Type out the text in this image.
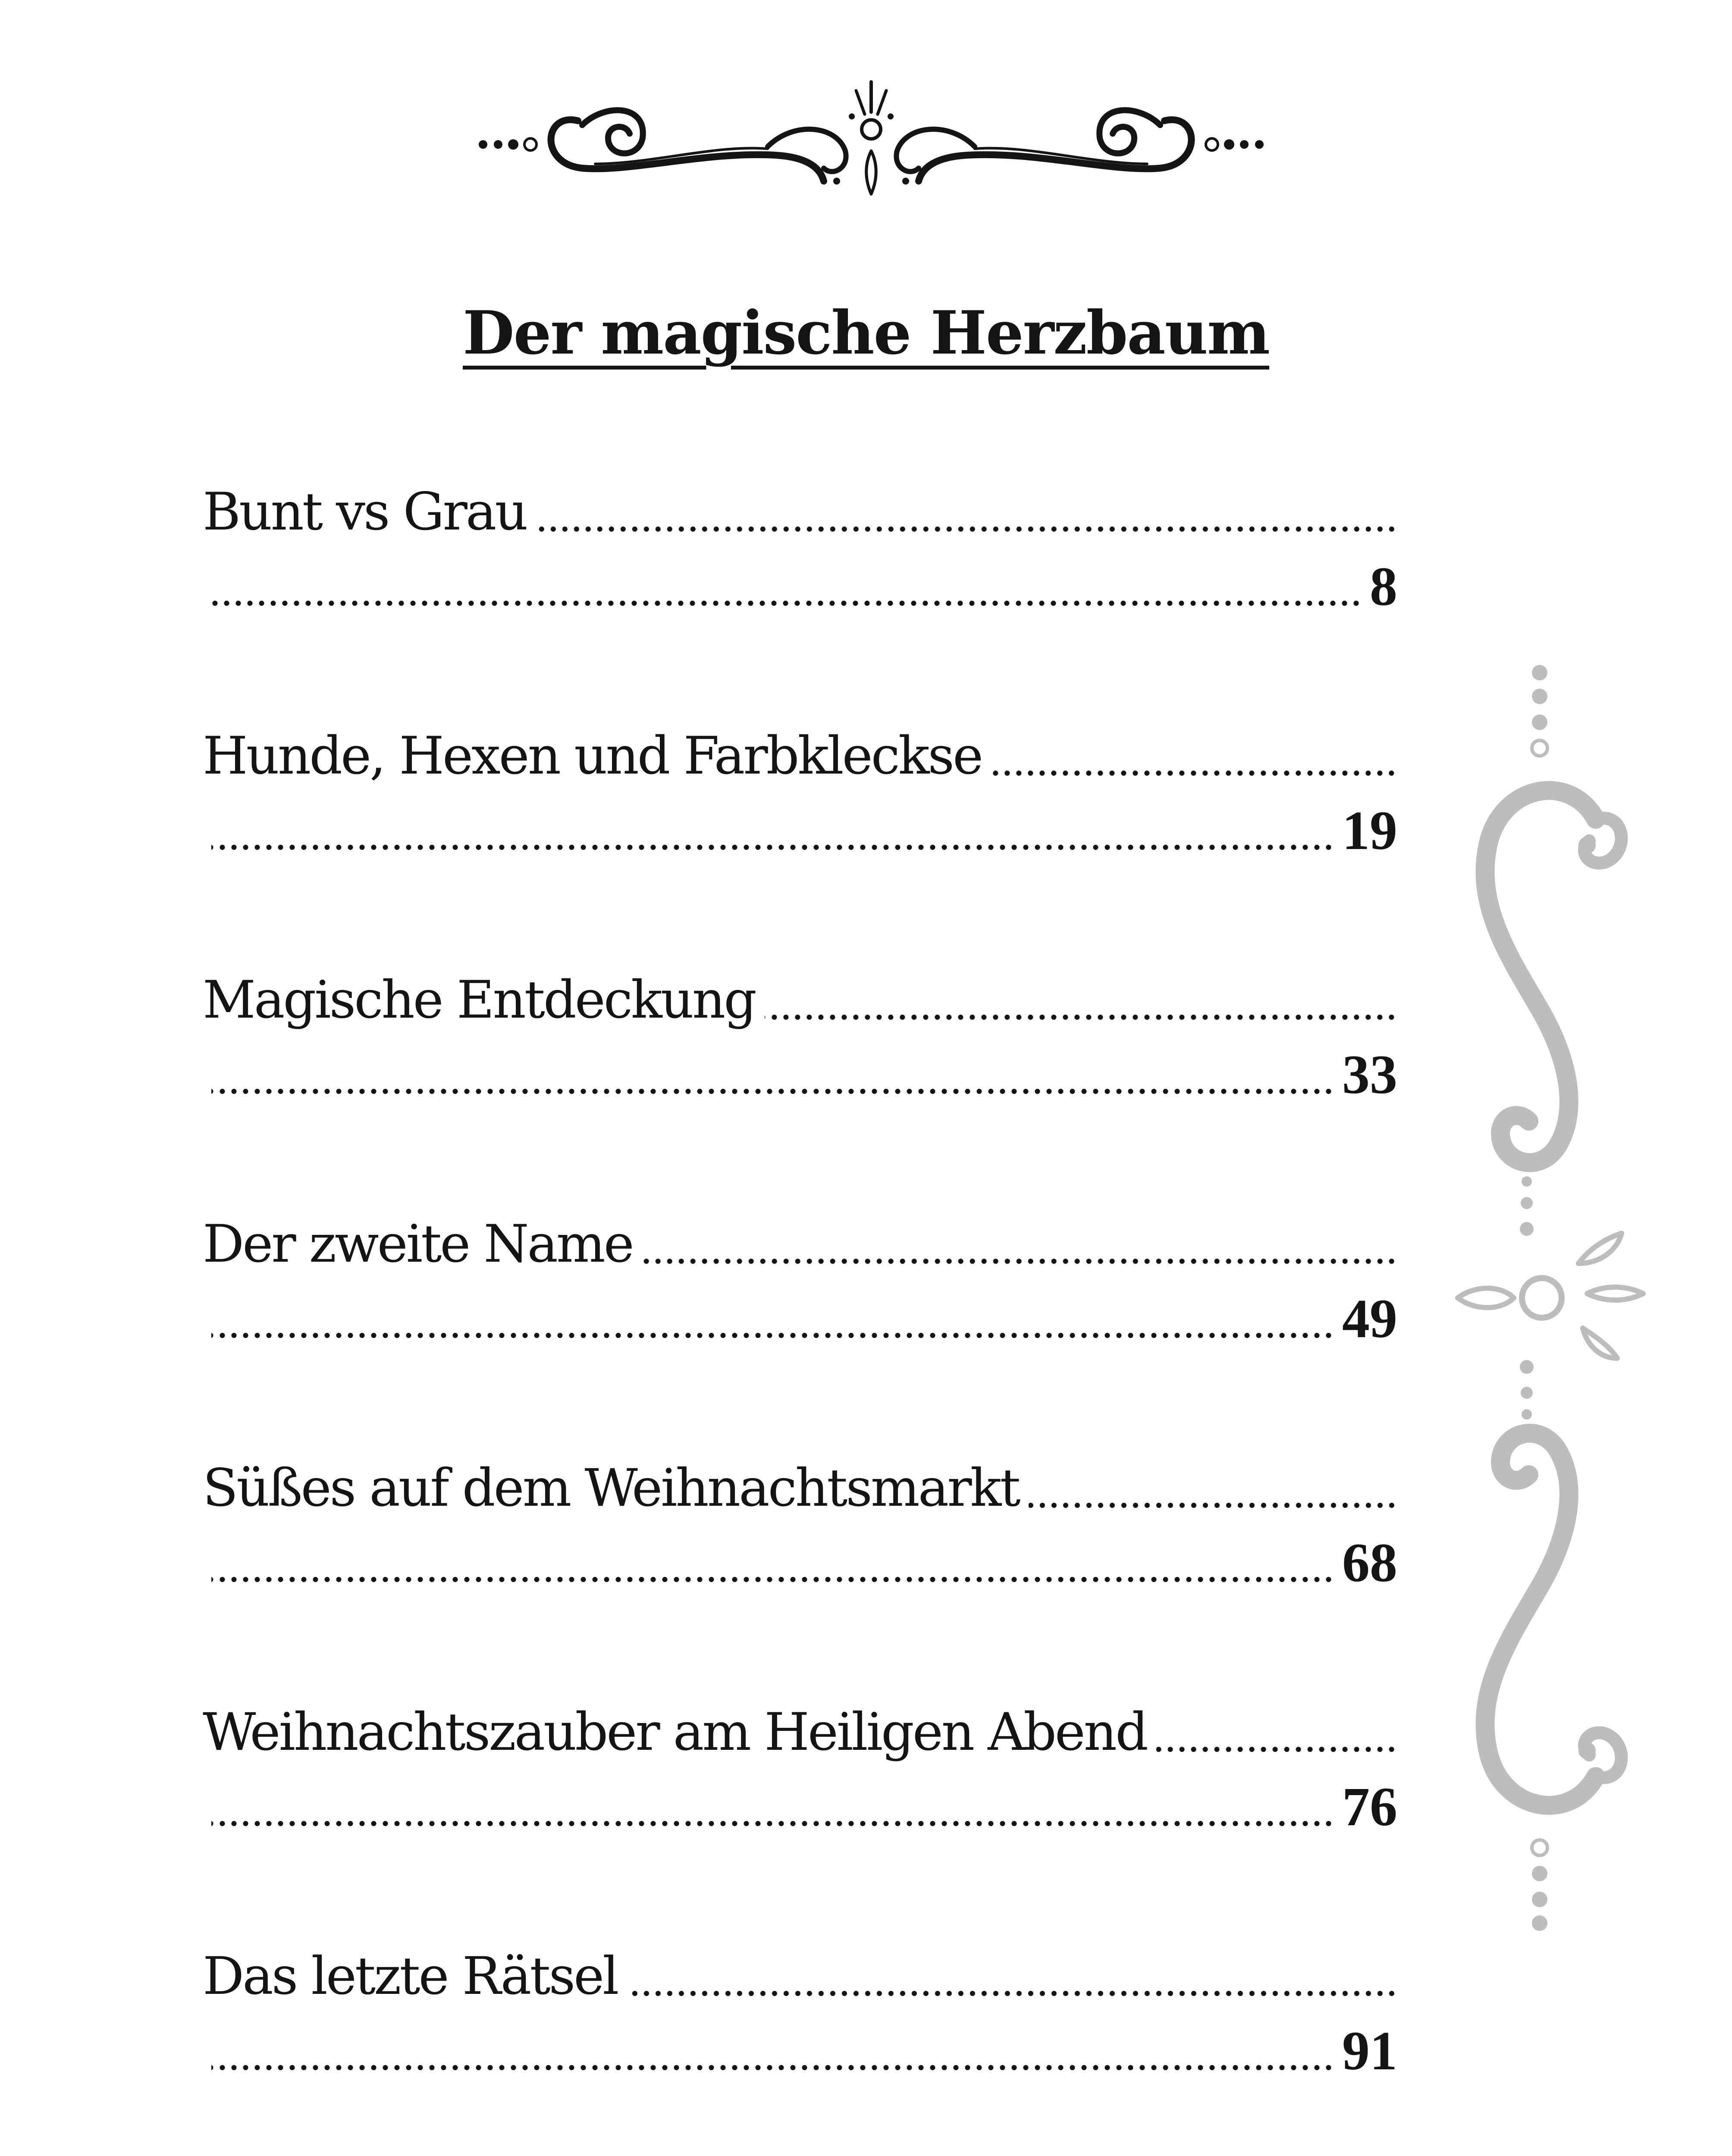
Der magische Herzbaum
Bunt vs Grau
8
Hunde, Hexen und Farbkleckse
19
Magische Entdeckung
33
Der zweite Name
49
Süßes auf dem Weihnachtsmarkt
68
Weihnachtszauber am Heiligen Abend
76
Das letzte Rätsel
91
